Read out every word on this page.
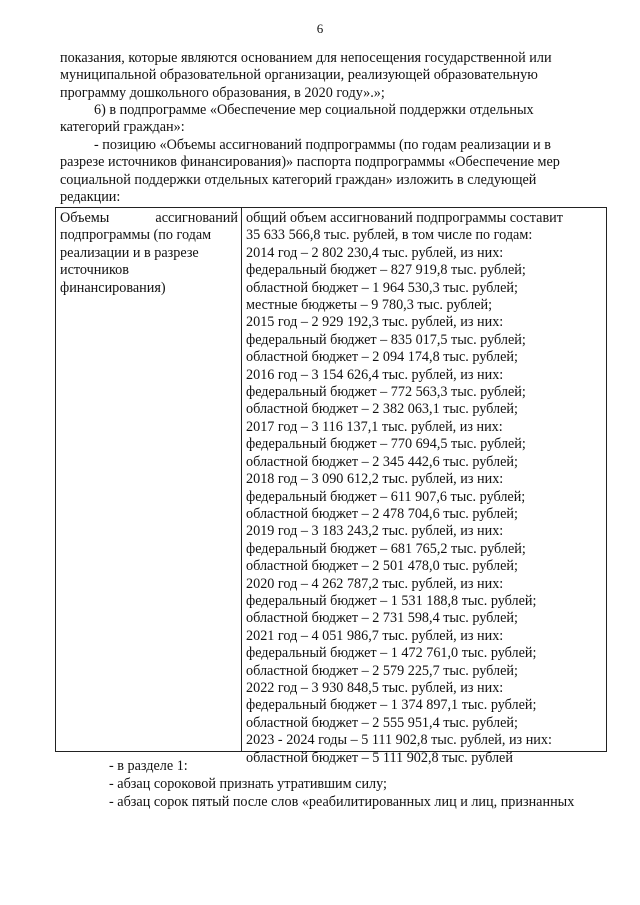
6
показания, которые являются основанием для непосещения государственной или
муниципальной образовательной организации, реализующей образовательную
программу дошкольного образования, в 2020 году».»;
6) в подпрограмме «Обеспечение мер социальной поддержки отдельных
категорий граждан»:
- позицию «Объемы ассигнований подпрограммы (по годам реализации и в
разрезе источников финансирования)» паспорта подпрограммы «Обеспечение мер
социальной поддержки отдельных категорий граждан» изложить в следующей
редакции:
Объемы	ассигнований
подпрограммы (по годам
реализации и в разрезе
источников
финансирования)
общий объем ассигнований подпрограммы составит
35 633 566,8 тыс. рублей, в том числе по годам:
2014 год – 2 802 230,4 тыс. рублей, из них:
федеральный бюджет – 827 919,8 тыс. рублей;
областной бюджет – 1 964 530,3 тыс. рублей;
местные бюджеты – 9 780,3 тыс. рублей;
2015 год – 2 929 192,3 тыс. рублей, из них:
федеральный бюджет – 835 017,5 тыс. рублей;
областной бюджет – 2 094 174,8 тыс. рублей;
2016 год – 3 154 626,4 тыс. рублей, из них:
федеральный бюджет – 772 563,3 тыс. рублей;
областной бюджет – 2 382 063,1 тыс. рублей;
2017 год – 3 116 137,1 тыс. рублей, из них:
федеральный бюджет – 770 694,5 тыс. рублей;
областной бюджет – 2 345 442,6 тыс. рублей;
2018 год – 3 090 612,2 тыс. рублей, из них:
федеральный бюджет – 611 907,6 тыс. рублей;
областной бюджет – 2 478 704,6 тыс. рублей;
2019 год – 3 183 243,2 тыс. рублей, из них:
федеральный бюджет – 681 765,2 тыс. рублей;
областной бюджет – 2 501 478,0 тыс. рублей;
2020 год – 4 262 787,2 тыс. рублей, из них:
федеральный бюджет – 1 531 188,8 тыс. рублей;
областной бюджет – 2 731 598,4 тыс. рублей;
2021 год – 4 051 986,7 тыс. рублей, из них:
федеральный бюджет – 1 472 761,0 тыс. рублей;
областной бюджет – 2 579 225,7 тыс. рублей;
2022 год – 3 930 848,5 тыс. рублей, из них:
федеральный бюджет – 1 374 897,1 тыс. рублей;
областной бюджет – 2 555 951,4 тыс. рублей;
2023 - 2024 годы – 5 111 902,8 тыс. рублей, из них:
областной бюджет – 5 111 902,8 тыс. рублей
- в разделе 1:
- абзац сороковой признать утратившим силу;
- абзац сорок пятый после слов «реабилитированных лиц и лиц, признанных
